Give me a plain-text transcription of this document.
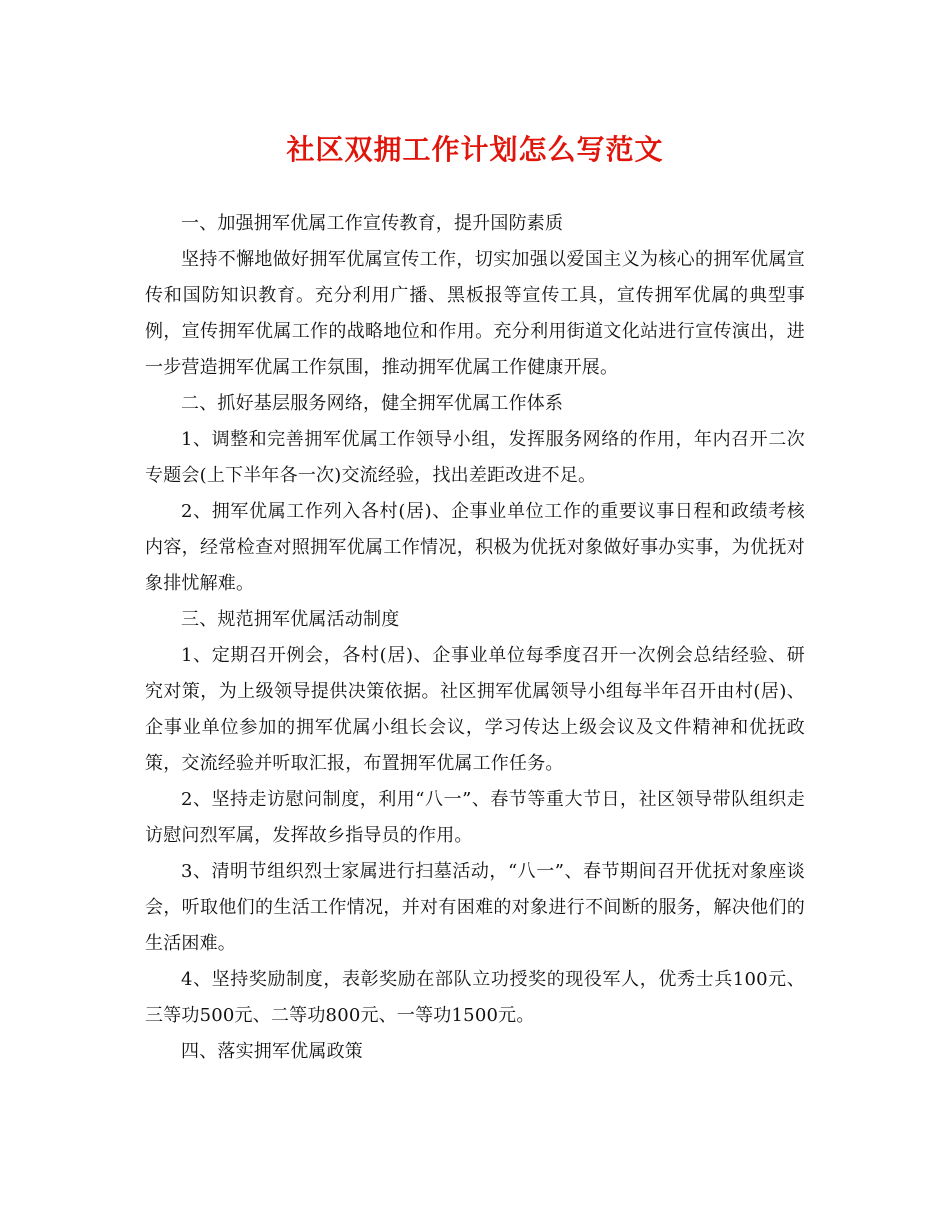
社区双拥工作计划怎么写范文

一、加强拥军优属工作宣传教育，提升国防素质

坚持不懈地做好拥军优属宣传工作，切实加强以爱国主义为核心的拥军优属宣传和国防知识教育。充分利用广播、黑板报等宣传工具，宣传拥军优属的典型事例，宣传拥军优属工作的战略地位和作用。充分利用街道文化站进行宣传演出，进一步营造拥军优属工作氛围，推动拥军优属工作健康开展。

二、抓好基层服务网络，健全拥军优属工作体系

1、调整和完善拥军优属工作领导小组，发挥服务网络的作用，年内召开二次专题会(上下半年各一次)交流经验，找出差距改进不足。

2、拥军优属工作列入各村(居)、企事业单位工作的重要议事日程和政绩考核内容，经常检查对照拥军优属工作情况，积极为优抚对象做好事办实事，为优抚对象排忧解难。

三、规范拥军优属活动制度

1、定期召开例会，各村(居)、企事业单位每季度召开一次例会总结经验、研究对策，为上级领导提供决策依据。社区拥军优属领导小组每半年召开由村(居)、企事业单位参加的拥军优属小组长会议，学习传达上级会议及文件精神和优抚政策，交流经验并听取汇报，布置拥军优属工作任务。

2、坚持走访慰问制度，利用“八一”、春节等重大节日，社区领导带队组织走访慰问烈军属，发挥故乡指导员的作用。

3、清明节组织烈士家属进行扫墓活动，“八一”、春节期间召开优抚对象座谈会，听取他们的生活工作情况，并对有困难的对象进行不间断的服务，解决他们的生活困难。

4、坚持奖励制度，表彰奖励在部队立功授奖的现役军人，优秀士兵100元、三等功500元、二等功800元、一等功1500元。

四、落实拥军优属政策
